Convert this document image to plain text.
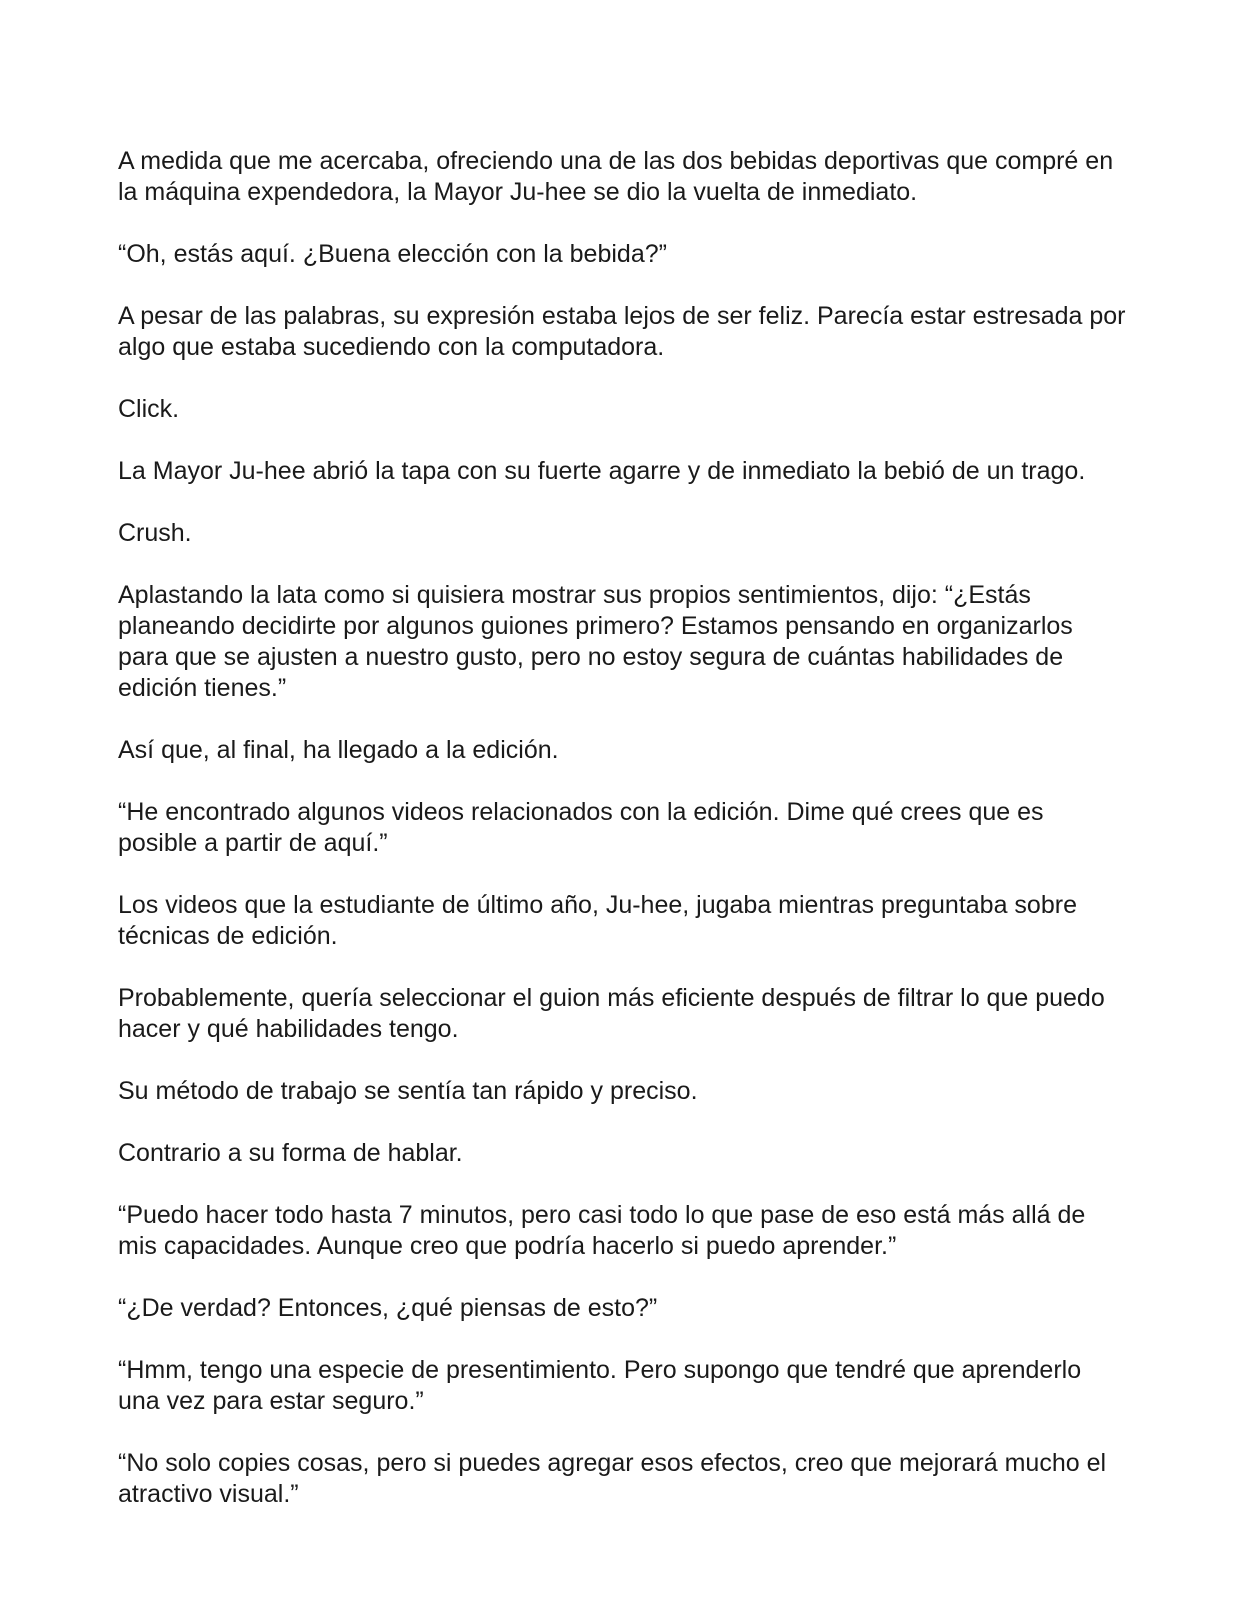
A medida que me acercaba, ofreciendo una de las dos bebidas deportivas que compré en la máquina expendedora, la Mayor Ju-hee se dio la vuelta de inmediato.

“Oh, estás aquí. ¿Buena elección con la bebida?”

A pesar de las palabras, su expresión estaba lejos de ser feliz. Parecía estar estresada por algo que estaba sucediendo con la computadora.

Click.

La Mayor Ju-hee abrió la tapa con su fuerte agarre y de inmediato la bebió de un trago.

Crush.

Aplastando la lata como si quisiera mostrar sus propios sentimientos, dijo: “¿Estás planeando decidirte por algunos guiones primero? Estamos pensando en organizarlos para que se ajusten a nuestro gusto, pero no estoy segura de cuántas habilidades de edición tienes.”

Así que, al final, ha llegado a la edición.

“He encontrado algunos videos relacionados con la edición. Dime qué crees que es posible a partir de aquí.”

Los videos que la estudiante de último año, Ju-hee, jugaba mientras preguntaba sobre técnicas de edición.

Probablemente, quería seleccionar el guion más eficiente después de filtrar lo que puedo hacer y qué habilidades tengo.

Su método de trabajo se sentía tan rápido y preciso.

Contrario a su forma de hablar.

“Puedo hacer todo hasta 7 minutos, pero casi todo lo que pase de eso está más allá de mis capacidades. Aunque creo que podría hacerlo si puedo aprender.”

“¿De verdad? Entonces, ¿qué piensas de esto?”

“Hmm, tengo una especie de presentimiento. Pero supongo que tendré que aprenderlo una vez para estar seguro.”

“No solo copies cosas, pero si puedes agregar esos efectos, creo que mejorará mucho el atractivo visual.”
